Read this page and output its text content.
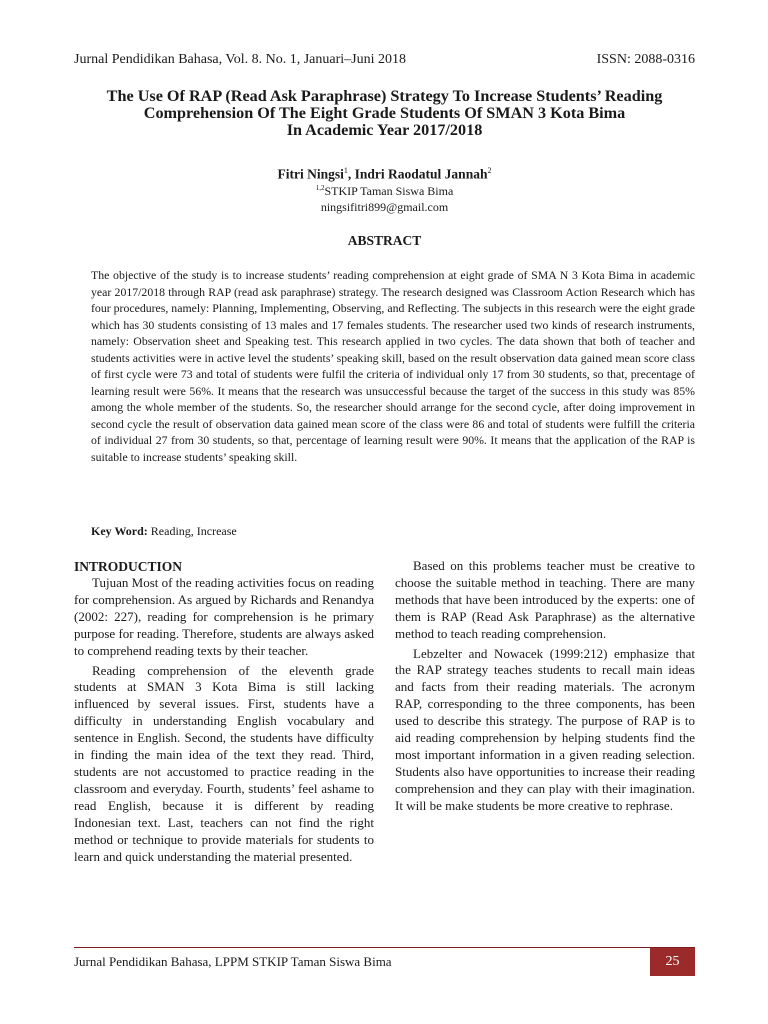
Jurnal Pendidikan Bahasa, Vol. 8. No. 1, Januari–Juni 2018	ISSN: 2088-0316
The Use Of RAP (Read Ask Paraphrase) Strategy To Increase Students’ Reading
Comprehension Of The Eight Grade Students Of SMAN 3 Kota Bima
In Academic Year 2017/2018
Fitri Ningsi$^1$, Indri Raodatul Jannah$^2$
$^{1,2}$STKIP Taman Siswa Bima
ningsifitri899@gmail.com
ABSTRACT
The objective of the study is to increase students’ reading comprehension at eight grade of SMA N 3 Kota Bima in academic year 2017/2018 through RAP (read ask paraphrase) strategy. The research designed was Classroom Action Research which has four procedures, namely: Planning, Implementing, Observing, and Reflecting. The subjects in this research were the eight grade which has 30 students consisting of 13 males and 17 females students. The researcher used two kinds of research instruments, namely: Observation sheet and Speaking test. This research applied in two cycles. The data shown that both of teacher and students activities were in active level the students’ speaking skill, based on the result observation data gained mean score class of first cycle were 73 and total of students were fulfil the criteria of individual only 17 from 30 students, so that, precentage of learning result were 56%. It means that the research was unsuccessful because the target of the success in this study was 85% among the whole member of the students. So, the researcher should arrange for the second cycle, after doing improvement in second cycle the result of observation data gained mean score of the class were 86 and total of students were fulfill the criteria of individual 27 from 30 students, so that, percentage of learning result were 90%. It means that the application of the RAP is suitable to increase students’ speaking skill.
Key Word: Reading, Increase

INTRODUCTION

Tujuan Most of the reading activities focus on reading for comprehension. As argued by Richards and Renandya (2002: 227), reading for comprehension is he primary purpose for reading. Therefore, students are always asked to comprehend reading texts by their teacher.

Reading comprehension of the eleventh grade students at SMAN 3 Kota Bima is still lacking influenced by several issues. First, students have a difficulty in understanding English vocabulary and sentence in English. Second, the students have difficulty in finding the main idea of the text they read. Third, students are not accustomed to practice reading in the classroom and everyday. Fourth, students’ feel ashame to read English, because it is different by reading Indonesian text. Last, teachers can not find the right method or technique to provide materials for students to learn and quick understanding the material presented.

Based on this problems teacher must be creative to choose the suitable method in teaching. There are many methods that have been introduced by the experts: one of them is RAP (Read Ask Paraphrase) as the alternative method to teach reading comprehension.

Lebzelter and Nowacek (1999:212) emphasize that the RAP strategy teaches students to recall main ideas and facts from their reading materials. The acronym RAP, corresponding to the three components, has been used to describe this strategy. The purpose of RAP is to aid reading comprehension by helping students find the most important information in a given reading selection. Students also have opportunities to increase their reading comprehension and they can play with their imagination. It will be make students be more creative to rephrase.

Jurnal Pendidikan Bahasa, LPPM STKIP Taman Siswa Bima	25
